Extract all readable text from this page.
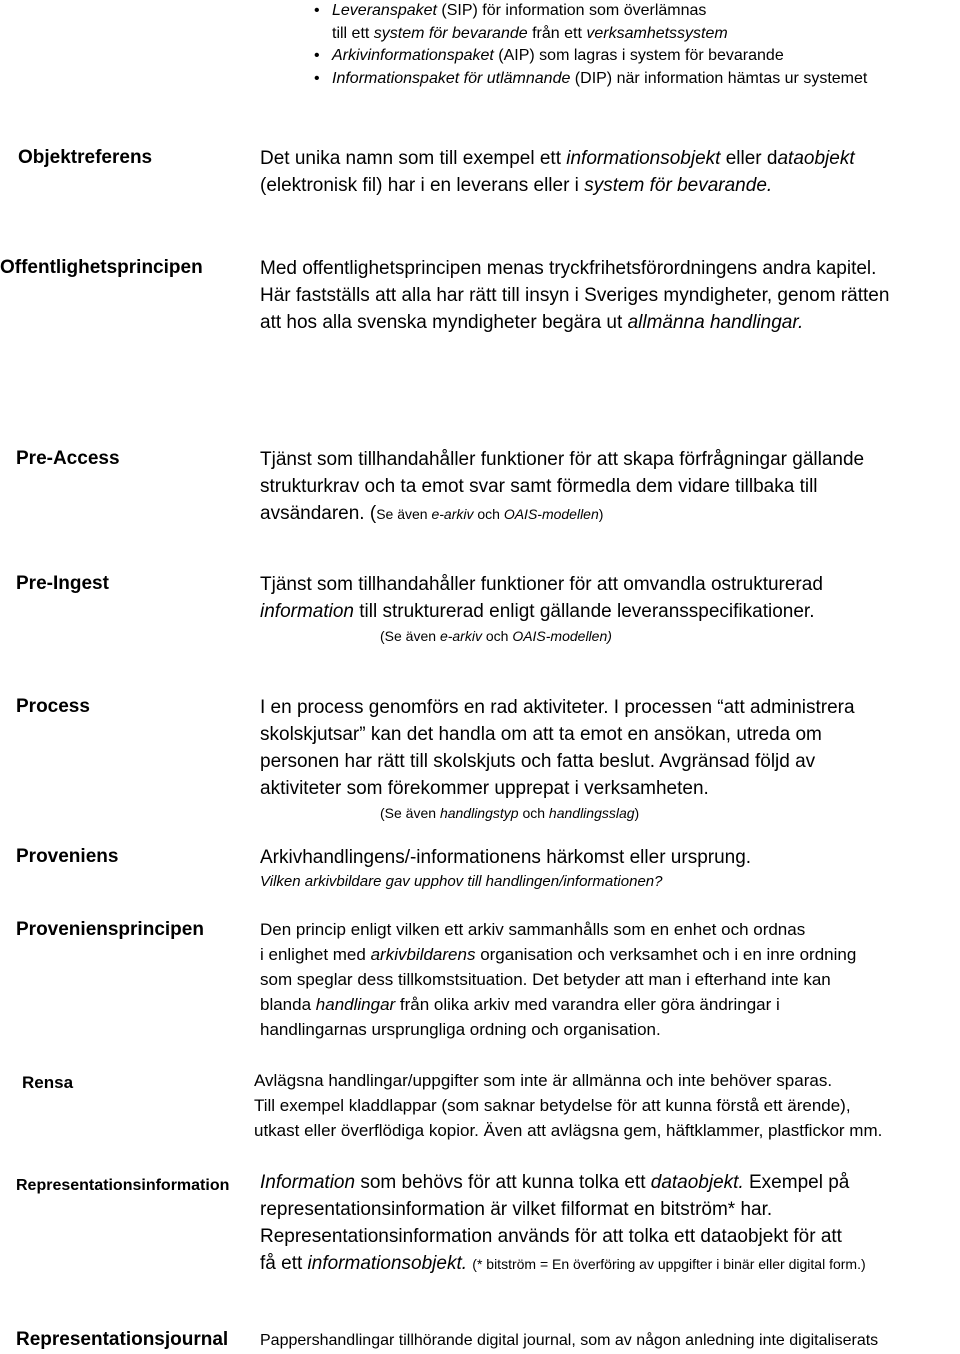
• Leveranspaket (SIP) för information som överlämnas
till ett system för bevarande från ett verksamhetssystem
• Arkivinformationspaket (AIP) som lagras i system för bevarande
• Informationspaket för utlämnande (DIP) när information hämtas ur systemet
Objektreferens	Det unika namn som till exempel ett informationsobjekt eller dataobjekt
(elektronisk fil) har i en leverans eller i system för bevarande.
Offentlighetsprincipen	Med offentlighetsprincipen menas tryckfrihetsförordningens andra kapitel.
Här fastställs att alla har rätt till insyn i Sveriges myndigheter, genom rätten
att hos alla svenska myndigheter begära ut allmänna handlingar.
Pre-Access	Tjänst som tillhandahåller funktioner för att skapa förfrågningar gällande
strukturkrav och ta emot svar samt förmedla dem vidare tillbaka till
avsändaren. (Se även e-arkiv och OAIS-modellen)
Pre-Ingest	Tjänst som tillhandahåller funktioner för att omvandla ostrukturerad
information till strukturerad enligt gällande leveransspecifikationer.
(Se även e-arkiv och OAIS-modellen)
Process	I en process genomförs en rad aktiviteter. I processen “att administrera
skolskjutsar” kan det handla om att ta emot en ansökan, utreda om
personen har rätt till skolskjuts och fatta beslut. Avgränsad följd av
aktiviteter som förekommer upprepat i verksamheten.
(Se även handlingstyp och handlingsslag)
Proveniens	Arkivhandlingens/-informationens härkomst eller ursprung.
Vilken arkivbildare gav upphov till handlingen/informationen?
Proveniensprincipen	Den princip enligt vilken ett arkiv sammanhålls som en enhet och ordnas
i enlighet med arkivbildarens organisation och verksamhet och i en inre ordning
som speglar dess tillkomstsituation. Det betyder att man i efterhand inte kan
blanda handlingar från olika arkiv med varandra eller göra ändringar i
handlingarnas ursprungliga ordning och organisation.
Rensa	Avlägsna handlingar/uppgifter som inte är allmänna och inte behöver sparas.
Till exempel kladdlappar (som saknar betydelse för att kunna förstå ett ärende),
utkast eller överflödiga kopior. Även att avlägsna gem, häftklammer, plastfickor mm.
Representationsinformation Information som behövs för att kunna tolka ett dataobjekt. Exempel på
representationsinformation är vilket filformat en bitström* har.
Representationsinformation används för att tolka ett dataobjekt för att
få ett informationsobjekt. (* bitström = En överföring av uppgifter i binär eller digital form.)
Representationsjournal Pappershandlingar tillhörande digital journal, som av någon anledning inte digitaliserats
